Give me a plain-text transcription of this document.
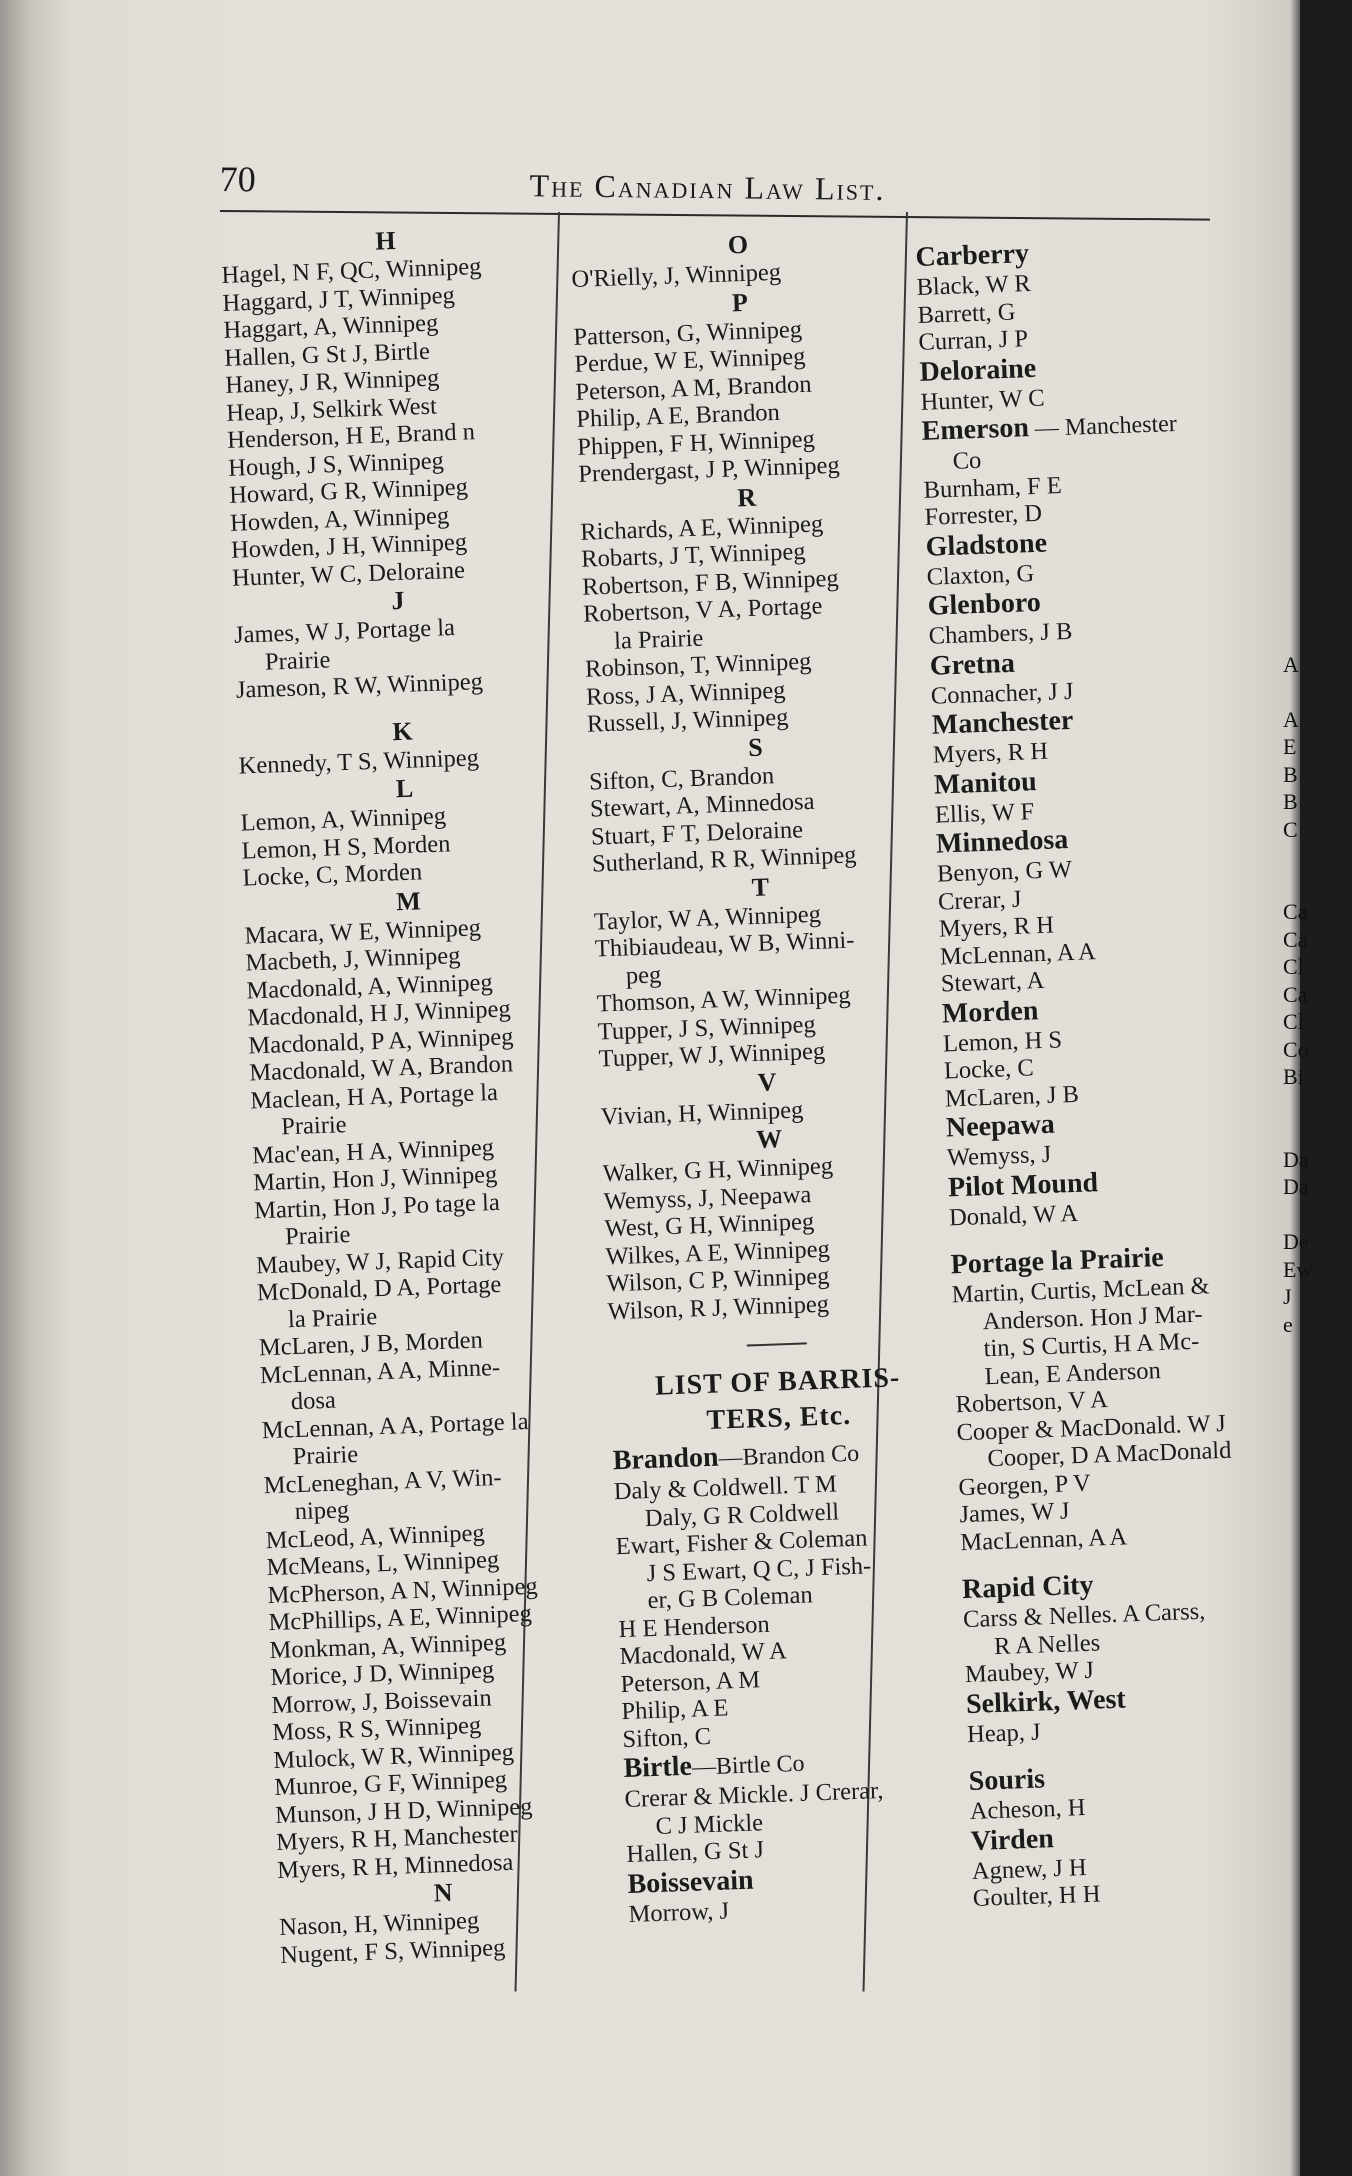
70	The Canadian Law List.
H
Hagel, N F, QC, Winnipeg
Haggard, J T, Winnipeg
Haggart, A, Winnipeg
Hallen, G St J, Birtle
Haney, J R, Winnipeg
Heap, J, Selkirk West
Henderson, H E, Brand n
Hough, J S, Winnipeg
Howard, G R, Winnipeg
Howden, A, Winnipeg
Howden, J H, Winnipeg
Hunter, W C, Deloraine
J
James, W J, Portage la
Prairie
Jameson, R W, Winnipeg
K
Kennedy, T S, Winnipeg
L
Lemon, A, Winnipeg
Lemon, H S, Morden
Locke, C, Morden
M
Macara, W E, Winnipeg
Macbeth, J, Winnipeg
Macdonald, A, Winnipeg
Macdonald, H J, Winnipeg
Macdonald, P A, Winnipeg
Macdonald, W A, Brandon
Maclean, H A, Portage la
Prairie
Mac'ean, H A, Winnipeg
Martin, Hon J, Winnipeg
Martin, Hon J, Po tage la
Prairie
Maubey, W J, Rapid City
McDonald, D A, Portage
la Prairie
McLaren, J B, Morden
McLennan, A A, Minne-
dosa
McLennan, A A, Portage la
Prairie
McLeneghan, A V, Win-
nipeg
McLeod, A, Winnipeg
McMeans, L, Winnipeg
McPherson, A N, Winnipeg
McPhillips, A E, Winnipeg
Monkman, A, Winnipeg
Morice, J D, Winnipeg
Morrow, J, Boissevain
Moss, R S, Winnipeg
Mulock, W R, Winnipeg
Munroe, G F, Winnipeg
Munson, J H D, Winnipeg
Myers, R H, Manchester
Myers, R H, Minnedosa
N
Nason, H, Winnipeg
Nugent, F S, Winnipeg
O
O'Rielly, J, Winnipeg
P
Patterson, G, Winnipeg
Perdue, W E, Winnipeg
Peterson, A M, Brandon
Philip, A E, Brandon
Phippen, F H, Winnipeg
Prendergast, J P, Winnipeg
R
Richards, A E, Winnipeg
Robarts, J T, Winnipeg
Robertson, F B, Winnipeg
Robertson, V A, Portage
la Prairie
Robinson, T, Winnipeg
Ross, J A, Winnipeg
Russell, J, Winnipeg
S
Sifton, C, Brandon
Stewart, A, Minnedosa
Stuart, F T, Deloraine
Sutherland, R R, Winnipeg
T
Taylor, W A, Winnipeg
Thibiaudeau, W B, Winni-
peg
Thomson, A W, Winnipeg
Tupper, J S, Winnipeg
Tupper, W J, Winnipeg
V
Vivian, H, Winnipeg
W
Walker, G H, Winnipeg
Wemyss, J, Neepawa
West, G H, Winnipeg
Wilkes, A E, Winnipeg
Wilson, C P, Winnipeg
Wilson, R J, Winnipeg
LIST OF BARRIS-
TERS, Etc.
Brandon—Brandon Co
Daly & Coldwell. T M
Daly, G R Coldwell
Ewart, Fisher & Coleman
J S Ewart, Q C, J Fish-
er, G B Coleman
H E Henderson
Macdonald, W A
Peterson, A M
Philip, A E
Sifton, C
Birtle—Birtle Co
Crerar & Mickle. J Crerar,
C J Mickle
Hallen, G St J
Boissevain
Morrow, J
Carberry
Black, W R
Barrett, G
Curran, J P
Deloraine
Hunter, W C
Emerson — Manchester
Co
Burnham, F E
Forrester, D
Gladstone
Claxton, G
Glenboro
Chambers, J B
Gretna
Connacher, J J
Manchester
Myers, R H
Manitou
Ellis, W F
Minnedosa
Benyon, G W
Crerar, J
Myers, R H
McLennan, A A
Stewart, A
Morden
Lemon, H S
Locke, C
McLaren, J B
Neepawa
Wemyss, J
Pilot Mound
Donald, W A
Portage la Prairie
Martin, Curtis, McLean &
Anderson. Hon J Mar-
tin, S Curtis, H A Mc-
Lean, E Anderson
Robertson, V A
Cooper & MacDonald. W J
Cooper, D A MacDonald
Georgen, P V
James, W J
MacLennan, A A
Rapid City
Carss & Nelles. A Carss,
R A Nelles
Maubey, W J
Selkirk, West
Heap, J
Souris
Acheson, H
Virden
Agnew, J H
Goulter, H H
A
A
E
B
B
C
Ca
Ca
Cl
Ca
Cl
Co
Bi
Da
Da
De
Ew
J
e
